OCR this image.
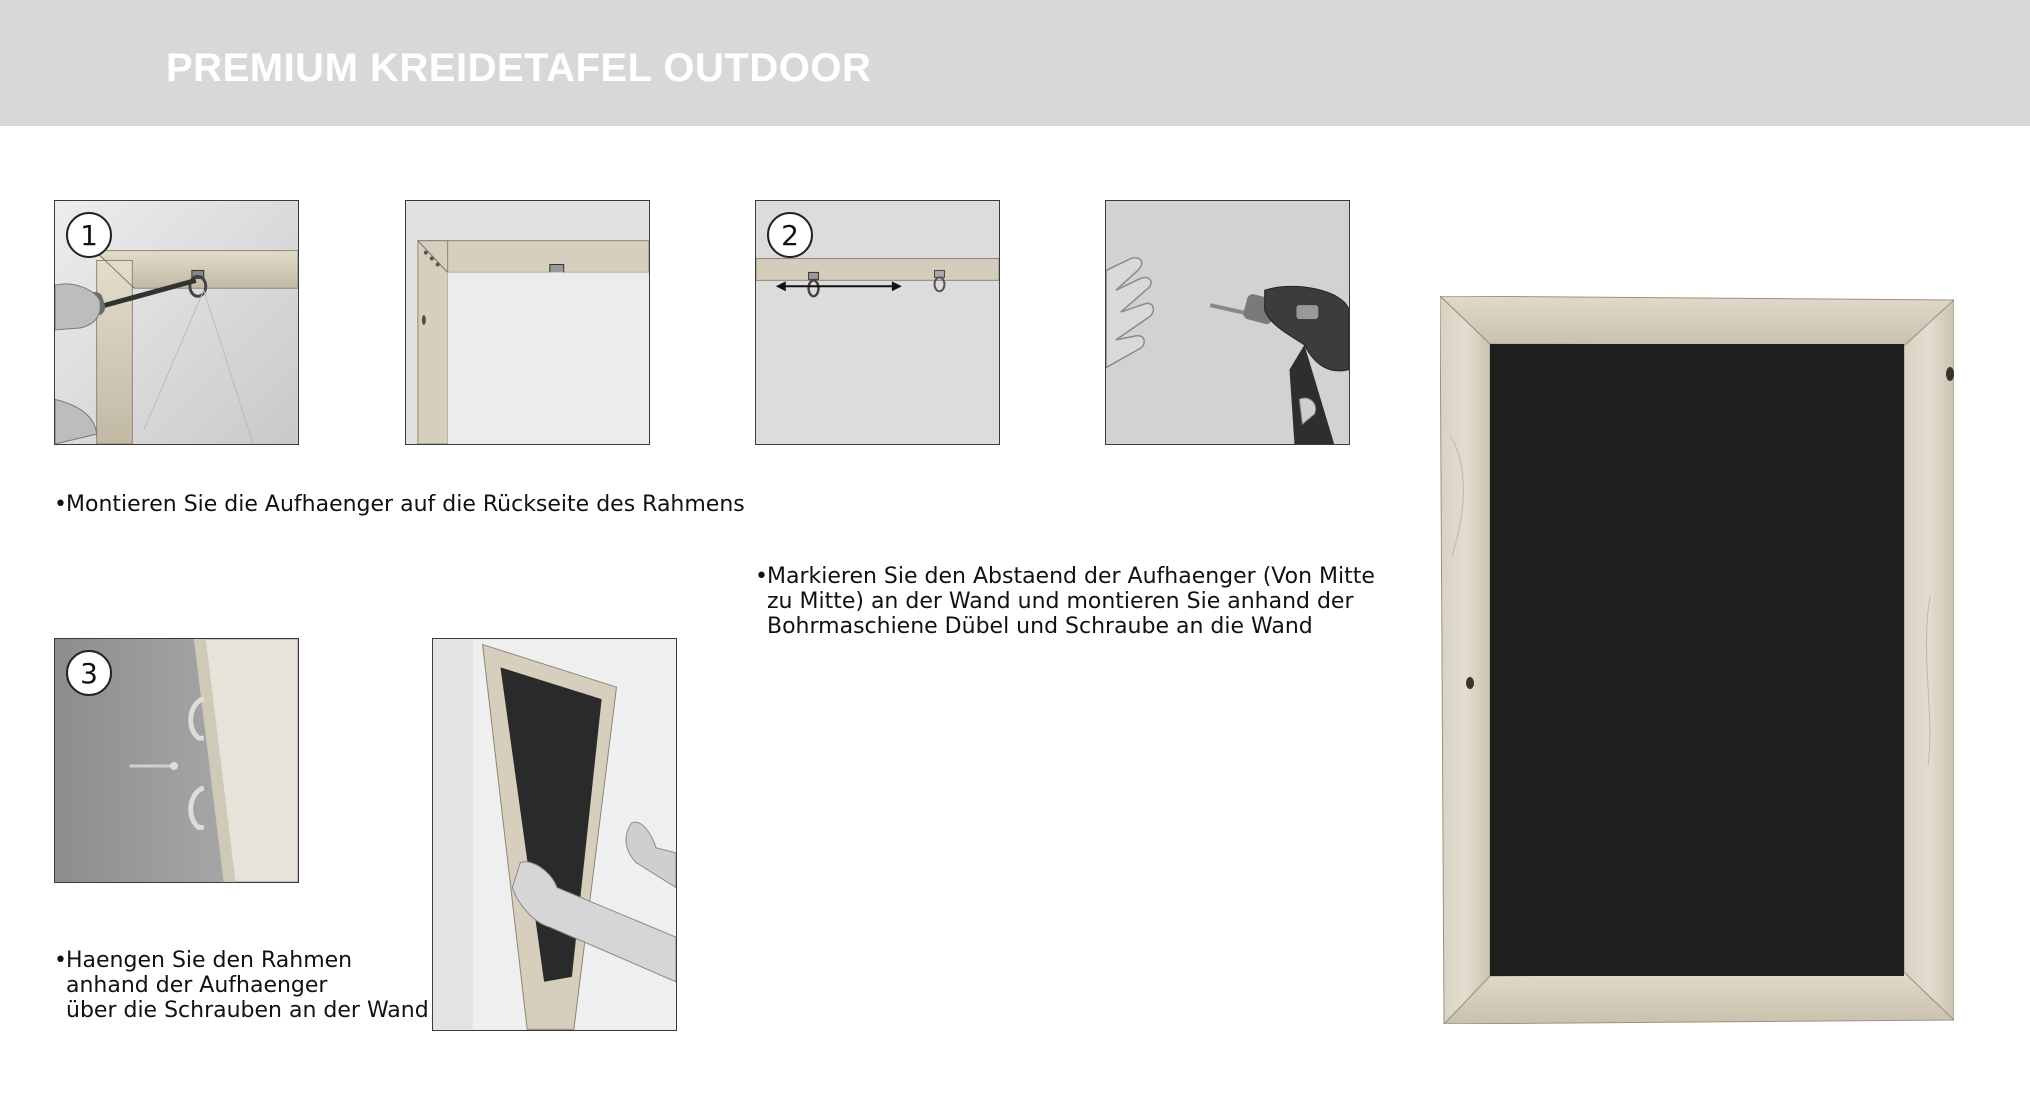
PREMIUM KREIDETAFEL OUTDOOR
1	2
3
•Montieren Sie die Aufhaenger auf die Rückseite des Rahmens
•Markieren Sie den Abstaend der Aufhaenger (Von Mitte
zu Mitte) an der Wand und montieren Sie anhand der
Bohrmaschiene Dübel und Schraube an die Wand
•Haengen Sie den Rahmen
anhand der Aufhaenger
über die Schrauben an der Wand
